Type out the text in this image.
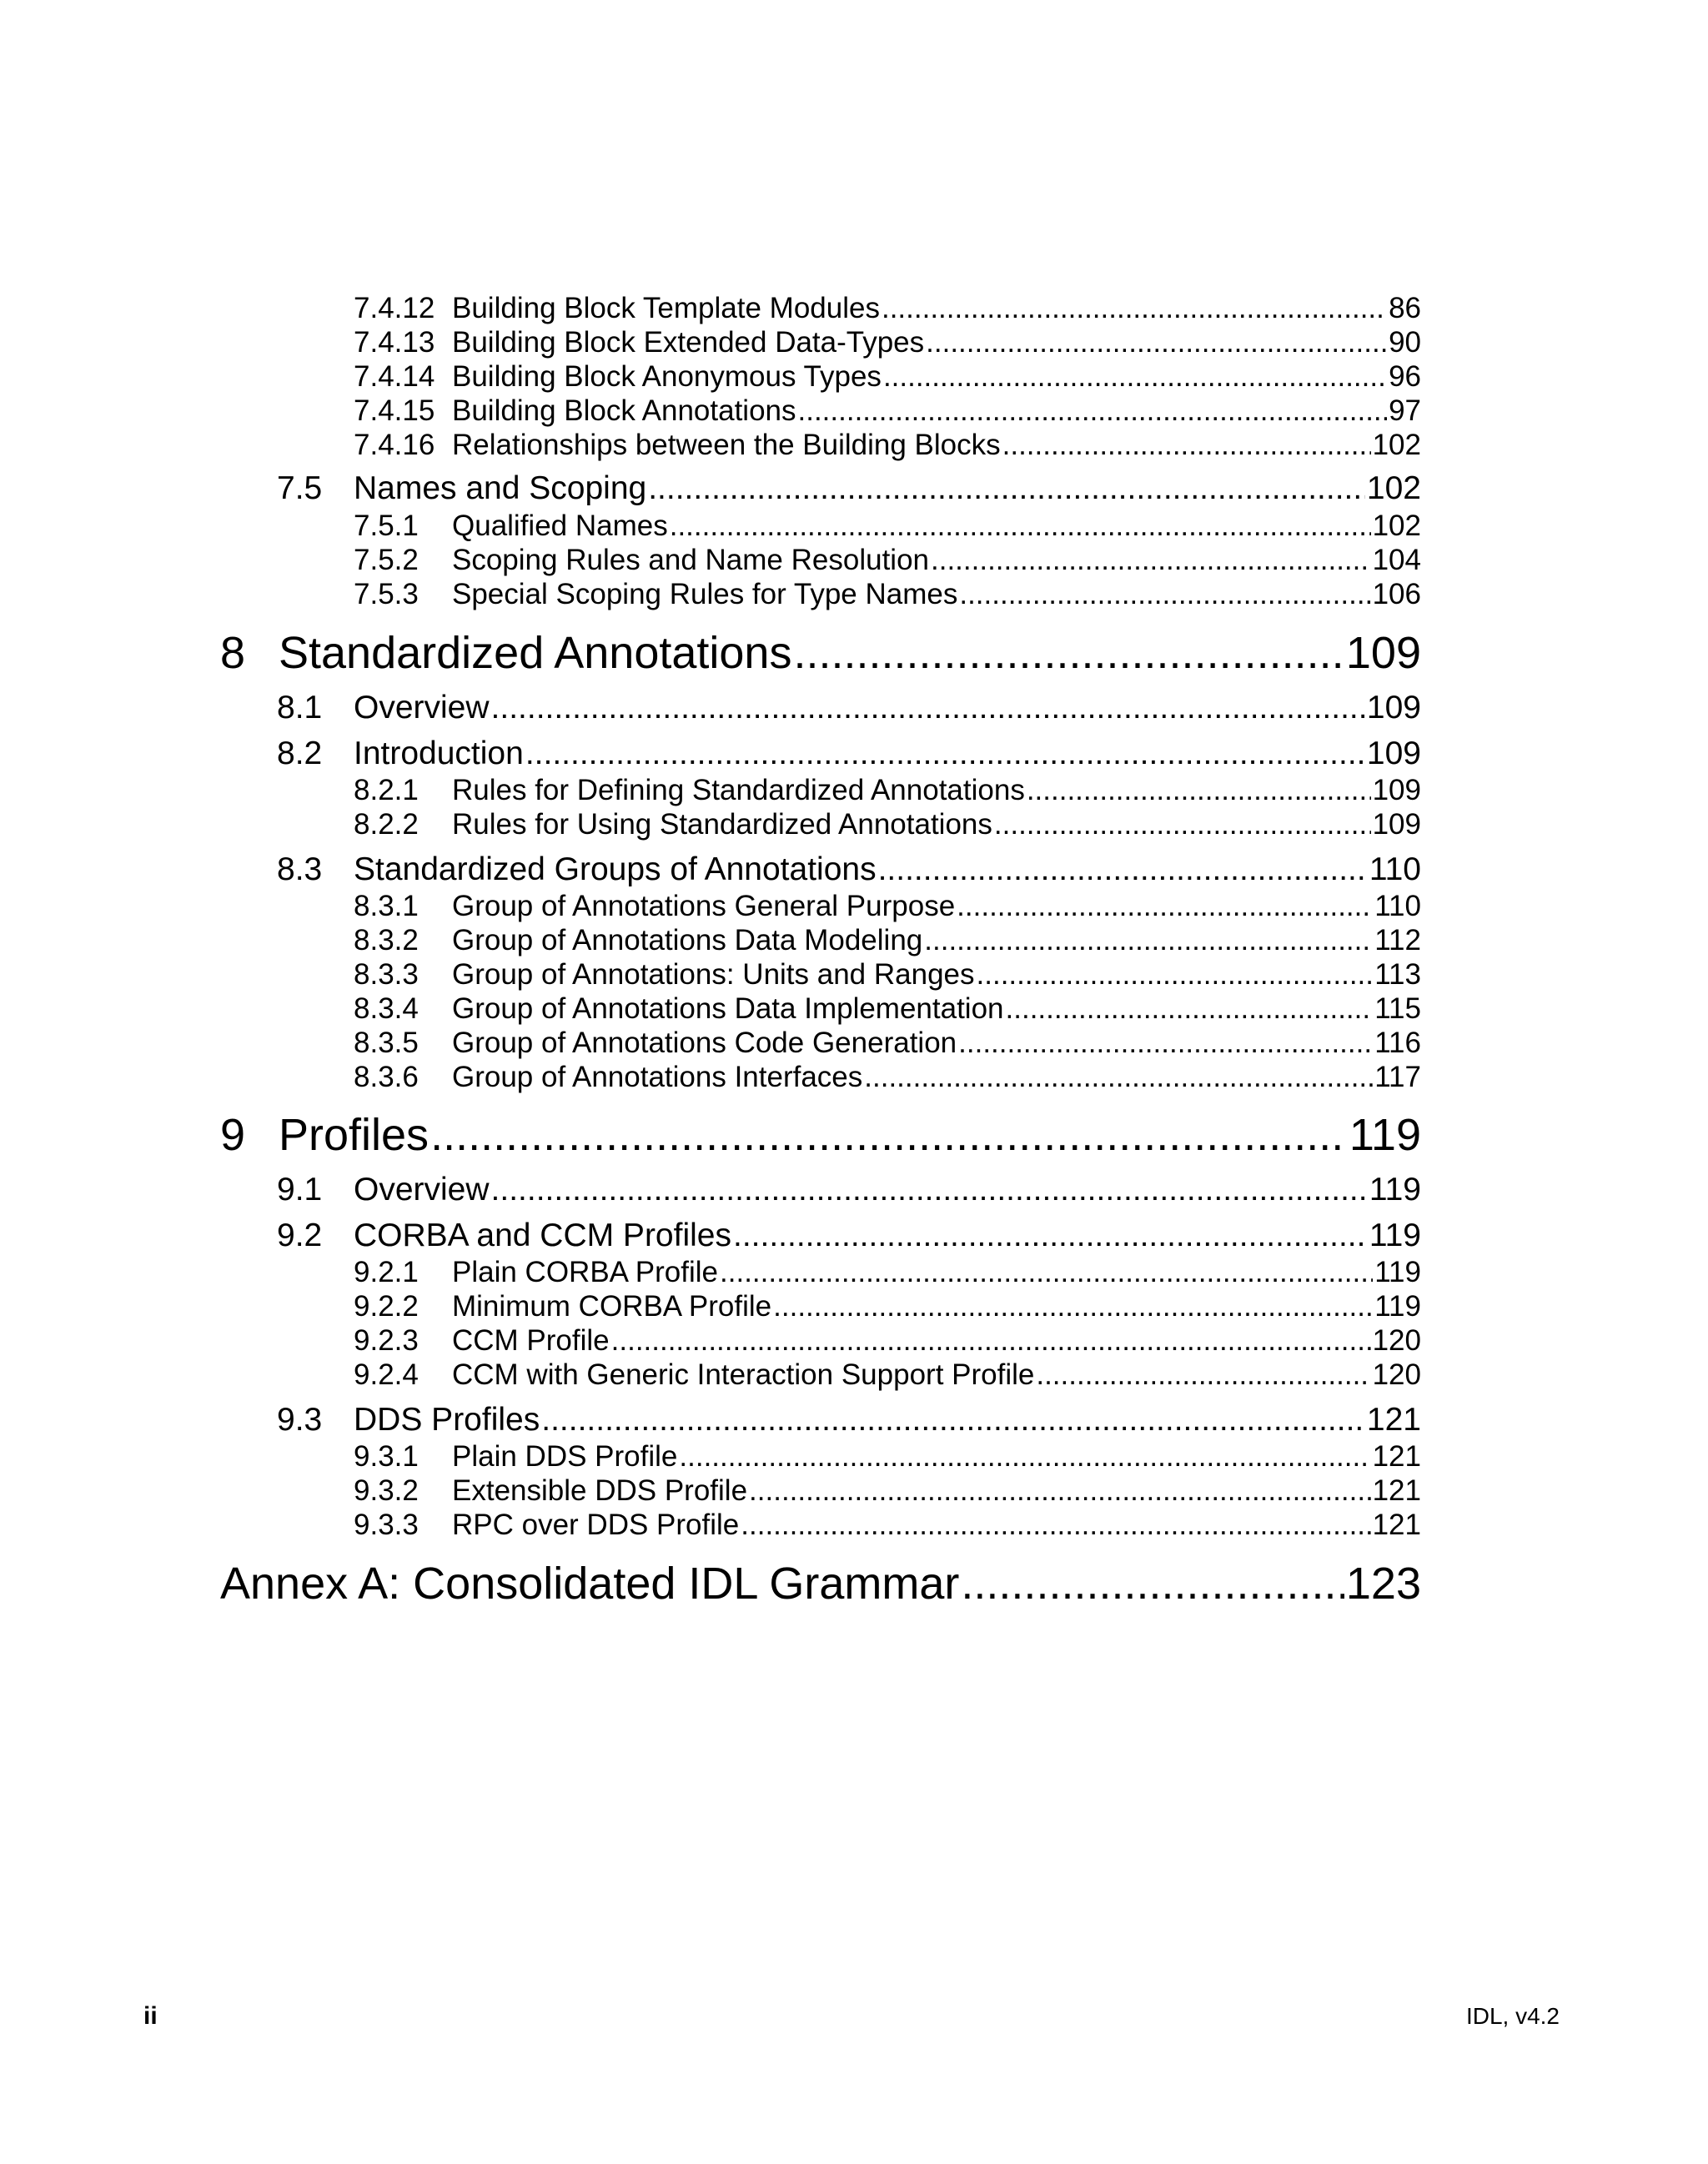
7.4.12 Building Block Template Modules .....	86
7.4.13 Building Block Extended Data-Types .....	90
7.4.14 Building Block Anonymous Types .....	96
7.4.15 Building Block Annotations .....	97
7.4.16 Relationships between the Building Blocks .....	102
7.5 Names and Scoping .....	102
7.5.1	Qualified Names .....	102
7.5.2	Scoping Rules and Name Resolution .....	104
7.5.3	Special Scoping Rules for Type Names .....	106
8 Standardized Annotations .....	109
8.1 Overview .....	109
8.2 Introduction .....	109
8.2.1	Rules for Defining Standardized Annotations .....	109
8.2.2	Rules for Using Standardized Annotations .....	109
8.3 Standardized Groups of Annotations .....	110
8.3.1	Group of Annotations General Purpose .....	110
8.3.2	Group of Annotations Data Modeling .....	112
8.3.3	Group of Annotations: Units and Ranges .....	113
8.3.4	Group of Annotations Data Implementation .....	115
8.3.5	Group of Annotations Code Generation .....	116
8.3.6	Group of Annotations Interfaces .....	117
9 Profiles .....	119
9.1 Overview .....	119
9.2 CORBA and CCM Profiles .....	119
9.2.1	Plain CORBA Profile .....	119
9.2.2	Minimum CORBA Profile .....	119
9.2.3	CCM Profile .....	120
9.2.4	CCM with Generic Interaction Support Profile .....	120
9.3 DDS Profiles .....	121
9.3.1	Plain DDS Profile .....	121
9.3.2	Extensible DDS Profile .....	121
9.3.3	RPC over DDS Profile .....	121
Annex A: Consolidated IDL Grammar .....	123
ii	IDL, v4.2
